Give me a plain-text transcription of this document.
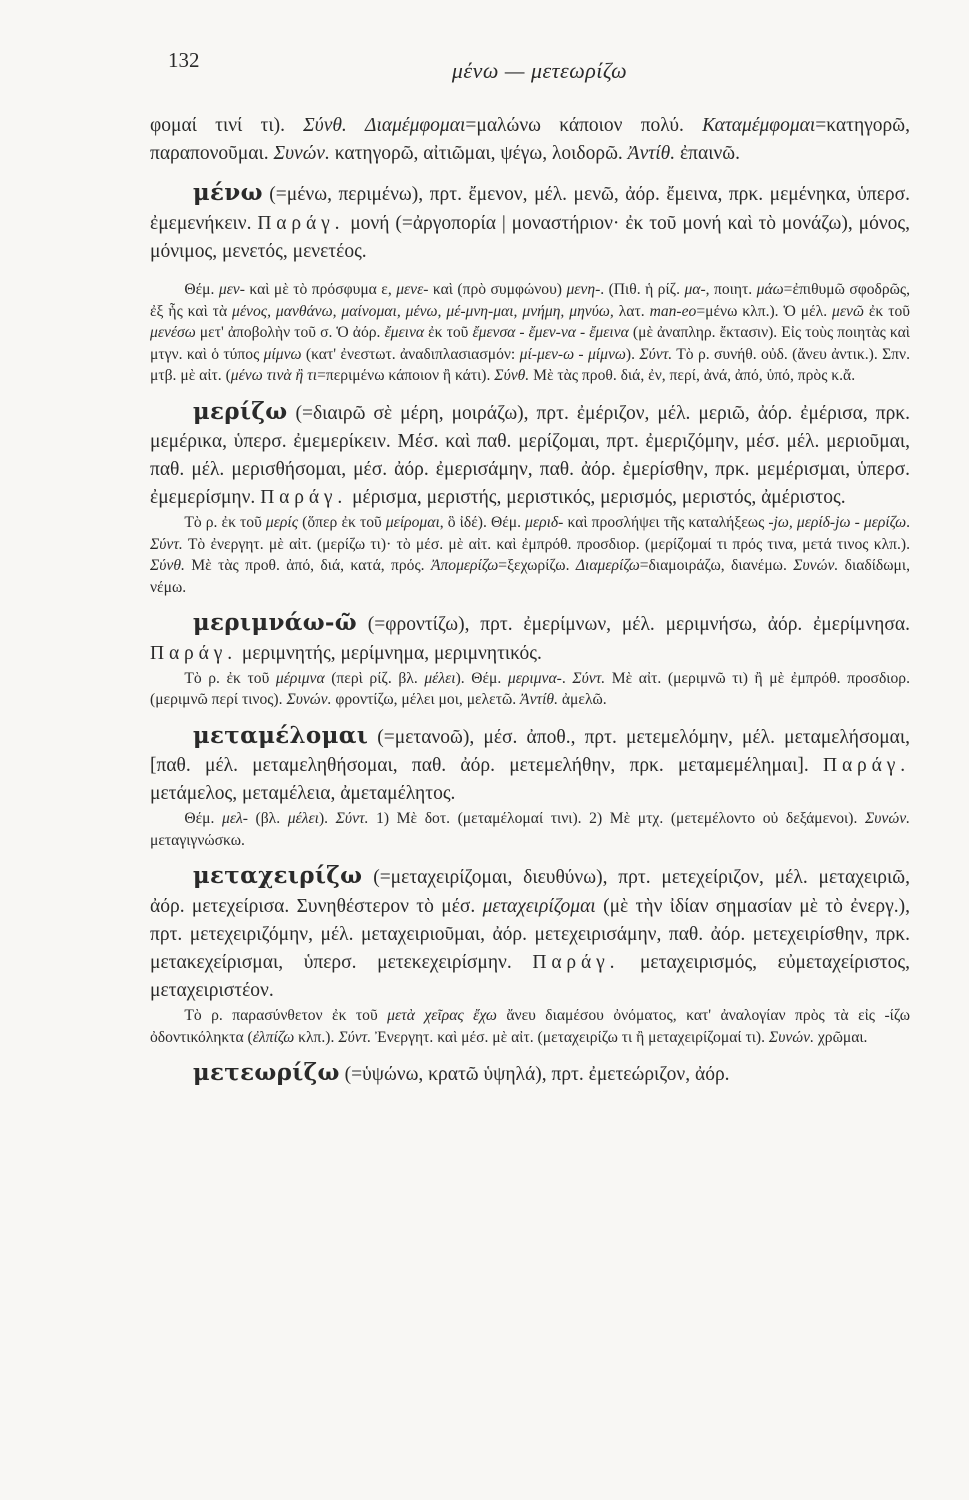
132	μένω — μετεωρίζω

φομαί τινί τι). Σύνθ. Διαμέμφομαι=μαλώνω κάποιον πολύ. Καταμέμφομαι=κατηγορῶ, παραπονοῦμαι. Συνών. κατηγορῶ, αἰτιῶμαι, ψέγω, λοιδορῶ. Ἀντίθ. ἐπαινῶ.

μένω (=μένω, περιμένω), πρτ. ἔμενον, μέλ. μενῶ, ἀόρ. ἔμεινα, πρκ. μεμένηκα, ὑπερσ. ἐμεμενήκειν. Παράγ. μονή (=ἀργοπορία | μοναστήριον· ἐκ τοῦ μονή καὶ τὸ μονάζω), μόνος, μόνιμος, μενετός, μενετέος.

Θέμ. μεν- καὶ μὲ τὸ πρόσφυμα ε, μενε- καὶ (πρὸ συμφώνου) μενη-. (Πιθ. ἡ ρίζ. μα-, ποιητ. μάω=ἐπιθυμῶ σφοδρῶς, ἐξ ἧς καὶ τὰ μένος, μανθάνω, μαίνομαι, μένω, μέ-μνη-μαι, μνήμη, μηνύω, λατ. man-eo=μένω κλπ.). Ὁ μέλ. μενῶ ἐκ τοῦ μενέσω μετ' ἀποβολὴν τοῦ σ. Ὁ ἀόρ. ἔμεινα ἐκ τοῦ ἔμενσα - ἔμεν-να - ἔμεινα (μὲ ἀναπληρ. ἔκτασιν). Εἰς τοὺς ποιητὰς καὶ μτγν. καὶ ὁ τύπος μίμνω (κατ' ἐνεστωτ. ἀναδιπλασιασμόν: μί-μεν-ω - μίμνω). Σύντ. Τὸ ρ. συνήθ. οὐδ. (ἄνευ ἀντικ.). Σπν. μτβ. μὲ αἰτ. (μένω τινὰ ἢ τι=περιμένω κάποιον ἢ κάτι). Σύνθ. Μὲ τὰς προθ. διά, ἐν, περί, ἀνά, ἀπό, ὑπό, πρὸς κ.ἄ.

μερίζω (=διαιρῶ σὲ μέρη, μοιράζω), πρτ. ἐμέριζον, μέλ. μεριῶ, ἀόρ. ἐμέρισα, πρκ. μεμέρικα, ὑπερσ. ἐμεμερίκειν. Μέσ. καὶ παθ. μερίζομαι, πρτ. ἐμεριζόμην, μέσ. μέλ. μεριοῦμαι, παθ. μέλ. μερισθήσομαι, μέσ. ἀόρ. ἐμερισάμην, παθ. ἀόρ. ἐμερίσθην, πρκ. μεμέρισμαι, ὑπερσ. ἐμεμερίσμην. Παράγ. μέρισμα, μεριστής, μεριστικός, μερισμός, μεριστός, ἀμέριστος.

Τὸ ρ. ἐκ τοῦ μερίς (ὅπερ ἐκ τοῦ μείρομαι, ὃ ἰδέ). Θέμ. μεριδ- καὶ προσλήψει τῆς καταλήξεως -jω, μερίδ-jω - μερίζω. Σύντ. Τὸ ἐνεργητ. μὲ αἰτ. (μερίζω τι)· τὸ μέσ. μὲ αἰτ. καὶ ἐμπρόθ. προσδιορ. (μερίζομαί τι πρός τινα, μετά τινος κλπ.). Σύνθ. Μὲ τὰς προθ. ἀπό, διά, κατά, πρός. Ἀπομερίζω=ξεχωρίζω. Διαμερίζω=διαμοιράζω, διανέμω. Συνών. διαδίδωμι, νέμω.

μεριμνάω-ῶ (=φροντίζω), πρτ. ἐμερίμνων, μέλ. μεριμνήσω, ἀόρ. ἐμερίμνησα. Παράγ. μεριμνητής, μερίμνημα, μεριμνητικός.

Τὸ ρ. ἐκ τοῦ μέριμνα (περὶ ρίζ. βλ. μέλει). Θέμ. μεριμνα-. Σύντ. Μὲ αἰτ. (μεριμνῶ τι) ἢ μὲ ἐμπρόθ. προσδιορ. (μεριμνῶ περί τινος). Συνών. φροντίζω, μέλει μοι, μελετῶ. Ἀντίθ. ἀμελῶ.

μεταμέλομαι (=μετανοῶ), μέσ. ἀποθ., πρτ. μετεμελόμην, μέλ. μεταμελήσομαι, [παθ. μέλ. μεταμεληθήσομαι, παθ. ἀόρ. μετεμελήθην, πρκ. μεταμεμέλημαι]. Παράγ. μετάμελος, μεταμέλεια, ἀμεταμέλητος.

Θέμ. μελ- (βλ. μέλει). Σύντ. 1) Μὲ δοτ. (μεταμέλομαί τινι). 2) Μὲ μτχ. (μετεμέλοντο οὐ δεξάμενοι). Συνών. μεταγιγνώσκω.

μεταχειρίζω (=μεταχειρίζομαι, διευθύνω), πρτ. μετεχείριζον, μέλ. μεταχειριῶ, ἀόρ. μετεχείρισα. Συνηθέστερον τὸ μέσ. μεταχειρίζομαι (μὲ τὴν ἰδίαν σημασίαν μὲ τὸ ἐνεργ.), πρτ. μετεχειριζόμην, μέλ. μεταχειριοῦμαι, ἀόρ. μετεχειρισάμην, παθ. ἀόρ. μετεχειρίσθην, πρκ. μετακεχείρισμαι, ὑπερσ. μετεκεχειρίσμην. Παράγ. μεταχειρισμός, εὐμεταχείριστος, μεταχειριστέον.

Τὸ ρ. παρασύνθετον ἐκ τοῦ μετὰ χεῖρας ἔχω ἄνευ διαμέσου ὀνόματος, κατ' ἀναλογίαν πρὸς τὰ εἰς -ίζω ὀδοντικόληκτα (ἐλπίζω κλπ.). Σύντ. Ἐνεργητ. καὶ μέσ. μὲ αἰτ. (μεταχειρίζω τι ἢ μεταχειρίζομαί τι). Συνών. χρῶμαι.

μετεωρίζω (=ὑψώνω, κρατῶ ὑψηλά), πρτ. ἐμετεώριζον, ἀόρ.
